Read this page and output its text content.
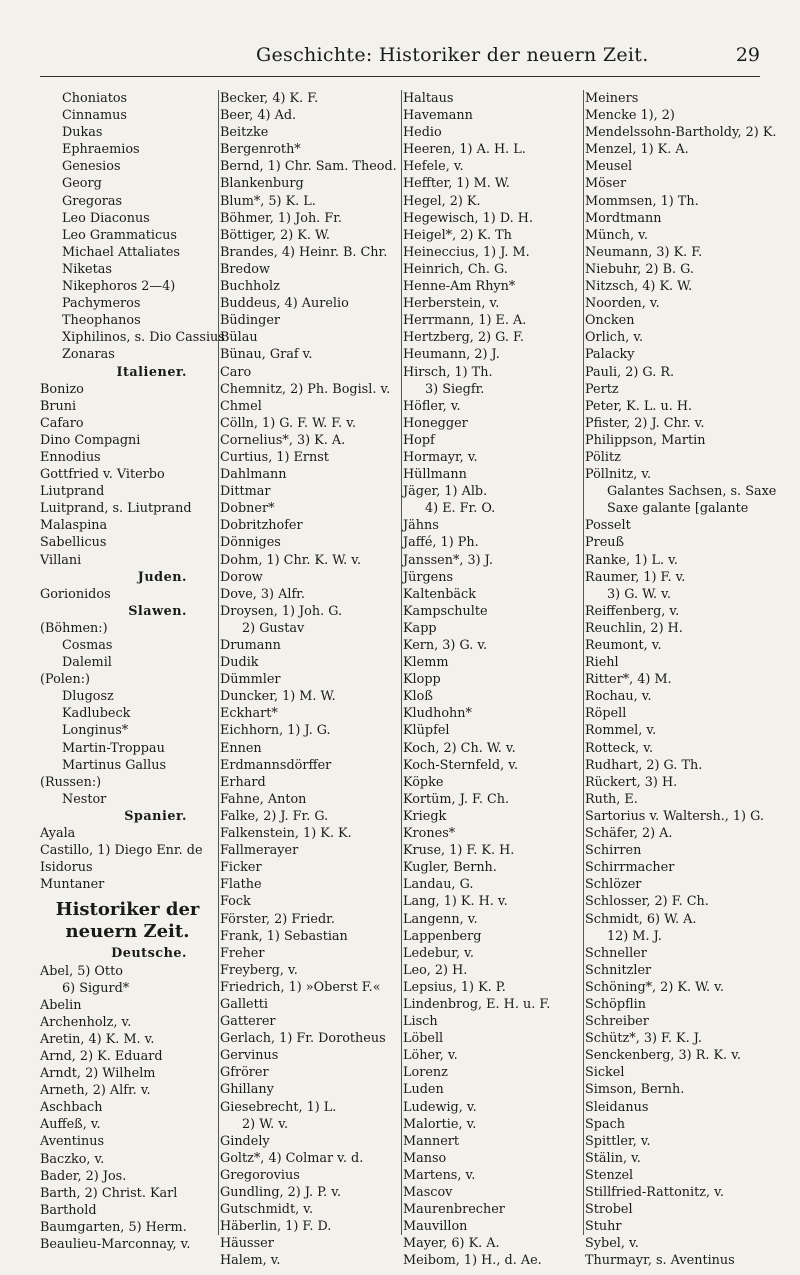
Geschichte: Historiker der neuern Zeit.	29
Choniatos
Cinnamus
Dukas
Ephraemios
Genesios
Georg
Gregoras
Leo Diaconus
Leo Grammaticus
Michael Attaliates
Niketas
Nikephoros 2—4)
Pachymeros
Theophanos
Xiphilinos, s. Dio Cassius
Zonaras
Italiener.
Bonizo
Bruni
Cafaro
Dino Compagni
Ennodius
Gottfried v. Viterbo
Liutprand
Luitprand, s. Liutprand
Malaspina
Sabellicus
Villani
Juden.
Gorionidos
Slawen.
(Böhmen:)
Cosmas
Dalemil
(Polen:)
Dlugosz
Kadlubeck
Longinus*
Martin-Troppau
Martinus Gallus
(Russen:)
Nestor
Spanier.
Ayala
Castillo, 1) Diego Enr. de
Isidorus
Muntaner
Historiker der neuern Zeit.
Deutsche.
Abel, 5) Otto
6) Sigurd*
Abelin
Archenholz, v.
Aretin, 4) K. M. v.
Arnd, 2) K. Eduard
Arndt, 2) Wilhelm
Arneth, 2) Alfr. v.
Aschbach
Auffeß, v.
Aventinus
Baczko, v.
Bader, 2) Jos.
Barth, 2) Christ. Karl
Barthold
Baumgarten, 5) Herm.
Beaulieu-Marconnay, v.
Becker, 4) K. F.
Beer, 4) Ad.
Beitzke
Bergenroth*
Bernd, 1) Chr. Sam. Theod.
Blankenburg
Blum*, 5) K. L.
Böhmer, 1) Joh. Fr.
Böttiger, 2) K. W.
Brandes, 4) Heinr. B. Chr.
Bredow
Buchholz
Buddeus, 4) Aurelio
Büdinger
Bülau
Bünau, Graf v.
Caro
Chemnitz, 2) Ph. Bogisl. v.
Chmel
Cölln, 1) G. F. W. F. v.
Cornelius*, 3) K. A.
Curtius, 1) Ernst
Dahlmann
Dittmar
Dobner*
Dobritzhofer
Dönniges
Dohm, 1) Chr. K. W. v.
Dorow
Dove, 3) Alfr.
Droysen, 1) Joh. G.
2) Gustav
Drumann
Dudik
Dümmler
Duncker, 1) M. W.
Eckhart*
Eichhorn, 1) J. G.
Ennen
Erdmannsdörffer
Erhard
Fahne, Anton
Falke, 2) J. Fr. G.
Falkenstein, 1) K. K.
Fallmerayer
Ficker
Flathe
Fock
Förster, 2) Friedr.
Frank, 1) Sebastian
Freher
Freyberg, v.
Friedrich, 1) »Oberst F.«
Galletti
Gatterer
Gerlach, 1) Fr. Dorotheus
Gervinus
Gfrörer
Ghillany
Giesebrecht, 1) L.
2) W. v.
Gindely
Goltz*, 4) Colmar v. d.
Gregorovius
Gundling, 2) J. P. v.
Gutschmidt, v.
Häberlin, 1) F. D.
Häusser
Halem, v.
Haltaus
Havemann
Hedio
Heeren, 1) A. H. L.
Hefele, v.
Heffter, 1) M. W.
Hegel, 2) K.
Hegewisch, 1) D. H.
Heigel*, 2) K. Th
Heineccius, 1) J. M.
Heinrich, Ch. G.
Henne-Am Rhyn*
Herberstein, v.
Herrmann, 1) E. A.
Hertzberg, 2) G. F.
Heumann, 2) J.
Hirsch, 1) Th.
3) Siegfr.
Höfler, v.
Honegger
Hopf
Hormayr, v.
Hüllmann
Jäger, 1) Alb.
4) E. Fr. O.
Jähns
Jaffé, 1) Ph.
Janssen*, 3) J.
Jürgens
Kaltenbäck
Kampschulte
Kapp
Kern, 3) G. v.
Klemm
Klopp
Kloß
Kludhohn*
Klüpfel
Koch, 2) Ch. W. v.
Koch-Sternfeld, v.
Köpke
Kortüm, J. F. Ch.
Kriegk
Krones*
Kruse, 1) F. K. H.
Kugler, Bernh.
Landau, G.
Lang, 1) K. H. v.
Langenn, v.
Lappenberg
Ledebur, v.
Leo, 2) H.
Lepsius, 1) K. P.
Lindenbrog, E. H. u. F.
Lisch
Löbell
Löher, v.
Lorenz
Luden
Ludewig, v.
Malortie, v.
Mannert
Manso
Martens, v.
Mascov
Maurenbrecher
Mauvillon
Mayer, 6) K. A.
Meibom, 1) H., d. Ae.
Meiners
Mencke 1), 2)
Mendelssohn-Bartholdy, 2) K.
Menzel, 1) K. A.
Meusel
Möser
Mommsen, 1) Th.
Mordtmann
Münch, v.
Neumann, 3) K. F.
Niebuhr, 2) B. G.
Nitzsch, 4) K. W.
Noorden, v.
Oncken
Orlich, v.
Palacky
Pauli, 2) G. R.
Pertz
Peter, K. L. u. H.
Pfister, 2) J. Chr. v.
Philippson, Martin
Pölitz
Pöllnitz, v.
Galantes Sachsen, s. Saxe
Saxe galante [galante
Posselt
Preuß
Ranke, 1) L. v.
Raumer, 1) F. v.
3) G. W. v.
Reiffenberg, v.
Reuchlin, 2) H.
Reumont, v.
Riehl
Ritter*, 4) M.
Rochau, v.
Röpell
Rommel, v.
Rotteck, v.
Rudhart, 2) G. Th.
Rückert, 3) H.
Ruth, E.
Sartorius v. Waltersh., 1) G.
Schäfer, 2) A.
Schirren
Schirrmacher
Schlözer
Schlosser, 2) F. Ch.
Schmidt, 6) W. A.
12) M. J.
Schneller
Schnitzler
Schöning*, 2) K. W. v.
Schöpflin
Schreiber
Schütz*, 3) F. K. J.
Senckenberg, 3) R. K. v.
Sickel
Simson, Bernh.
Sleidanus
Spach
Spittler, v.
Stälin, v.
Stenzel
Stillfried-Rattonitz, v.
Strobel
Stuhr
Sybel, v.
Thurmayr, s. Aventinus
